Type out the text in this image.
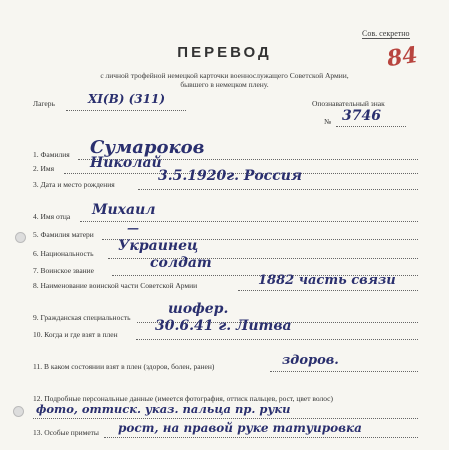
Сов. секретно
84
ПЕРЕВОД
с личной трофейной немецкой карточки военнослужащего Советской Армии,
бывшего в немецком плену.
Лагерь	XI(B) (311)	Опознавательный знак
№ 3746
1. Фамилия Сумароков
2. Имя	Николай
3. Дата и место рождения
3.5.1920г. Россия
4. Имя отца Михаил
5. Фамилия матери	—
6. Национальность Украинец
7. Воинское звание	солдат
8. Наименование воинской части Советской Армии	1882 часть связи
9. Гражданская специальность
шофер.
10. Когда и где взят в плен
30.6.41 г. Литва
11. В каком состоянии взят в плен (здоров, болен, ранен)	здоров.
12. Подробные персональные данные (имеется фотография, оттиск пальцев, рост, цвет волос)
фото, оттиск. указ. пальца пр. руки
13. Особые приметы рост, на правой руке татуировка
